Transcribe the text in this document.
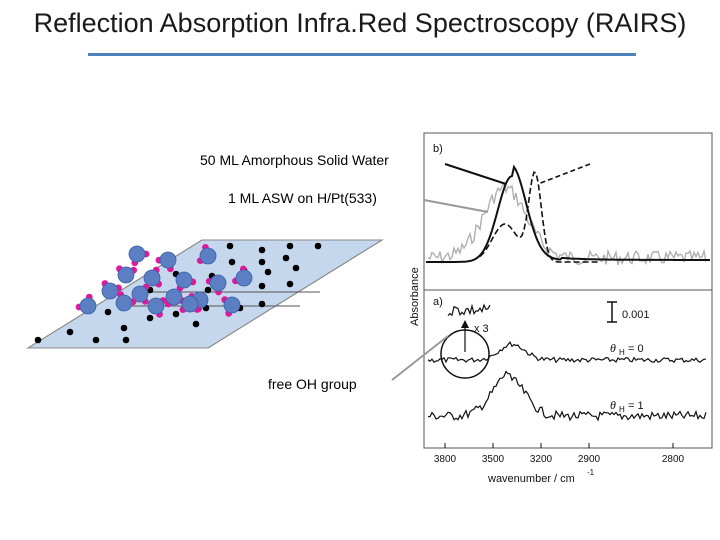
Reflection Absorption Infra.Red Spectroscopy (RAIRS)
50 ML Amorphous Solid Water
1 ML ASW on H/Pt(533)
free OH group
3800	3500	3200	2900	2800
b)
a)
Absorbance
wavenumber / cm
-1
0.001
x 3
θ H = 0
θ H = 1
